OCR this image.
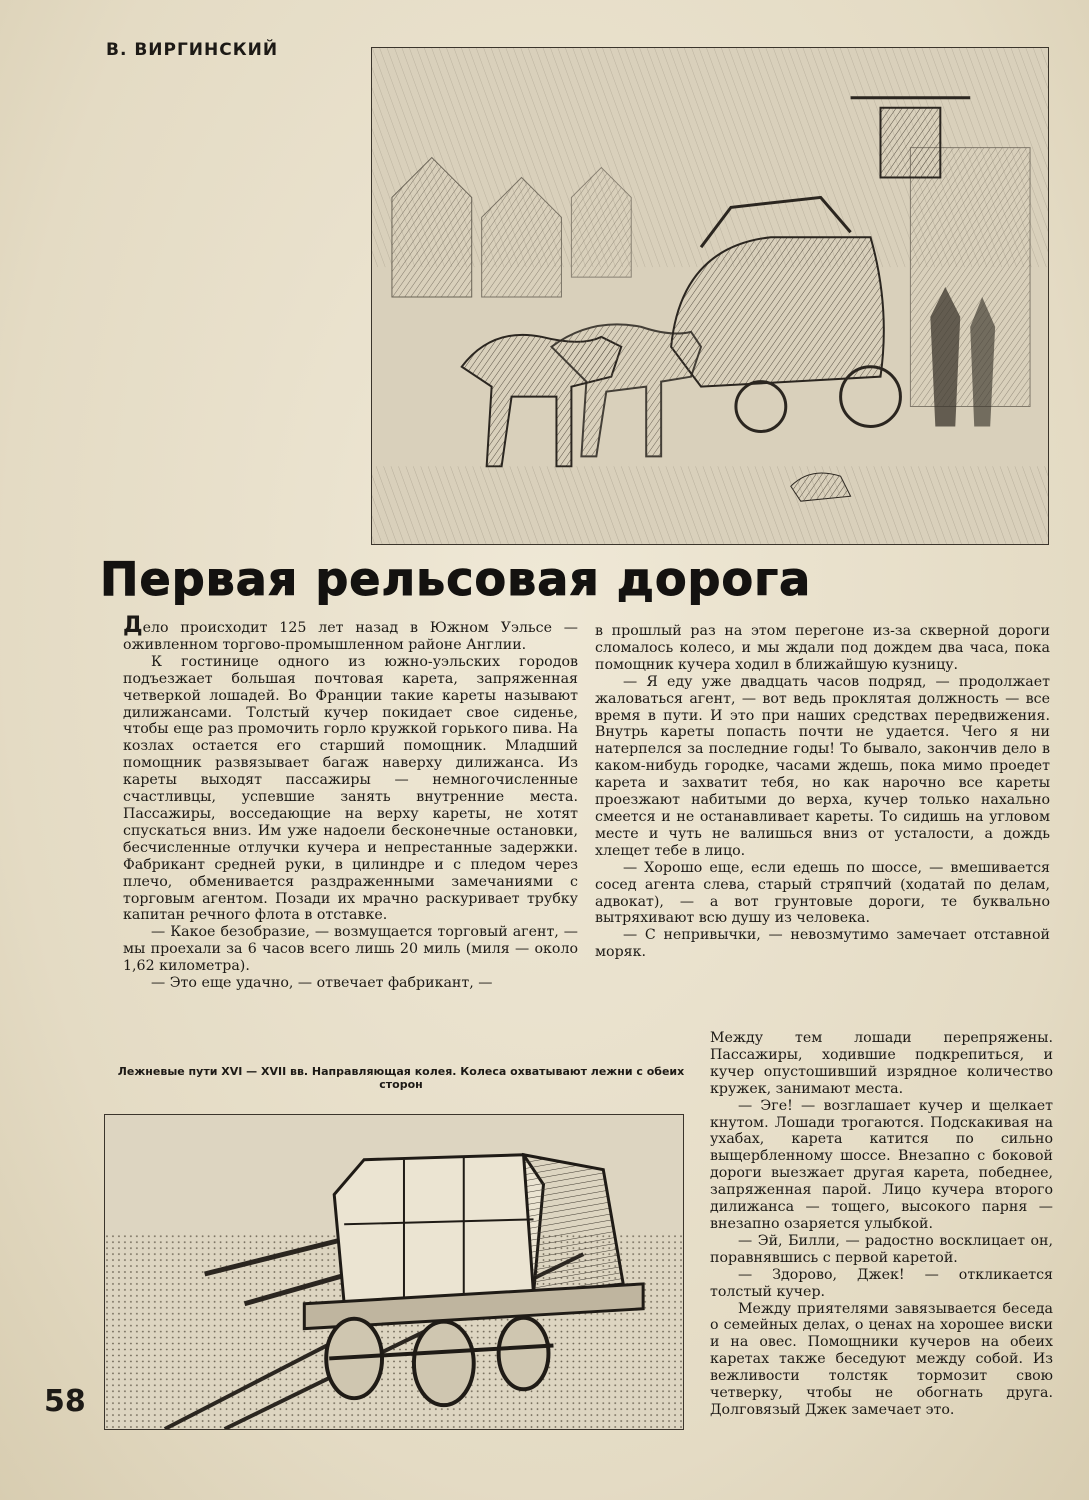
В. ВИРГИНСКИЙ
Первая рельсовая дорога

Дело происходит 125 лет назад в Южном Уэльсе — оживленном торгово-промышленном районе Англии.

К гостинице одного из южно-уэльских городов подъезжает большая почтовая карета, запряженная четверкой лошадей. Во Франции такие кареты называют дилижансами. Толстый кучер покидает свое сиденье, чтобы еще раз промочить горло кружкой горького пива. На козлах остается его старший помощник. Младший помощник развязывает багаж наверху дилижанса. Из кареты выходят пассажиры — немногочисленные счастливцы, успевшие занять внутренние места. Пассажиры, восседающие на верху кареты, не хотят спускаться вниз. Им уже надоели бесконечные остановки, бесчисленные отлучки кучера и непрестанные задержки. Фабрикант средней руки, в цилиндре и с пледом через плечо, обменивается раздраженными замечаниями с торговым агентом. Позади их мрачно раскуривает трубку капитан речного флота в отставке.

— Какое безобразие, — возмущается торговый агент, — мы проехали за 6 часов всего лишь 20 миль (миля — около 1,62 километра).

— Это еще удачно, — отвечает фабрикант, —

в прошлый раз на этом перегоне из-за скверной дороги сломалось колесо, и мы ждали под дождем два часа, пока помощник кучера ходил в ближайшую кузницу.

— Я еду уже двадцать часов подряд, — продолжает жаловаться агент, — вот ведь проклятая должность — все время в пути. И это при наших средствах передвижения. Внутрь кареты попасть почти не удается. Чего я ни натерпелся за последние годы! То бывало, закончив дело в каком-нибудь городке, часами ждешь, пока мимо проедет карета и захватит тебя, но как нарочно все кареты проезжают набитыми до верха, кучер только нахально смеется и не останавливает кареты. То сидишь на угловом месте и чуть не валишься вниз от усталости, а дождь хлещет тебе в лицо.

— Хорошо еще, если едешь по шоссе, — вмешивается сосед агента слева, старый стряпчий (ходатай по делам, адвокат), — а вот грунтовые дороги, те буквально вытряхивают всю душу из человека.

— С непривычки, — невозмутимо замечает отставной моряк.

Между тем лошади перепряжены. Пассажиры, ходившие подкрепиться, и кучер опустошивший изрядное количество кружек, занимают места.

— Эге! — возглашает кучер и щелкает кнутом. Лошади трогаются. Подскакивая на ухабах, карета катится по сильно выщербленному шоссе. Внезапно с боковой дороги выезжает другая карета, победнее, запряженная парой. Лицо кучера второго дилижанса — тощего, высокого парня — внезапно озаряется улыбкой.

— Эй, Билли, — радостно восклицает он, поравнявшись с первой каретой.

— Здорово, Джек! — откликается толстый кучер.

Между приятелями завязывается беседа о семейных делах, о ценах на хорошее виски и на овес. Помощники кучеров на обеих каретах также беседуют между собой. Из вежливости толстяк тормозит свою четверку, чтобы не обогнать друга. Долговязый Джек замечает это.

Лежневые пути XVI — XVII вв. Направляющая колея. Колеса охватывают лежни с обеих сторон
58
